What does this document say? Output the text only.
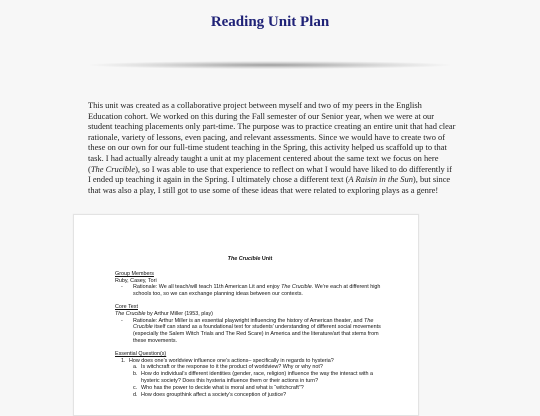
Reading Unit Plan

This unit was created as a collaborative project between myself and two of my peers in the English Education cohort. We worked on this during the Fall semester of our Senior year, when we were at our student teaching placements only part-time. The purpose was to practice creating an entire unit that had clear rationale, variety of lessons, even pacing, and relevant assessments. Since we would have to create two of these on our own for our full-time student teaching in the Spring, this activity helped us scaffold up to that task. I had actually already taught a unit at my placement centered about the same text we focus on here (The Crucible), so I was able to use that experience to reflect on what I would have liked to do differently if I ended up teaching it again in the Spring. I ultimately chose a different text (A Raisin in the Sun), but since that was also a play, I still got to use some of these ideas that were related to exploring plays as a genre!

The Crucible Unit
Group Members
Ruby, Casey, Tori
- Rationale: We all teach/will teach 11th American Lit and enjoy The Crucible. We’re each at different high schools too, so we can exchange planning ideas between our contexts.
Core Text
The Crucible by Arthur Miller (1953, play)
- Rationale: Arthur Miller is an essential playwright influencing the history of American theater, and The Crucible itself can stand as a foundational text for students’ understanding of different social movements (especially the Salem Witch Trials and The Red Scare) in America and the literature/art that stems from these movements.
Essential Question(s)
1. How does one’s worldview influence one’s actions– specifically in regards to hysteria?
a. Is witchcraft or the response to it the product of worldview? Why or why not?
b. How do individual’s different identities (gender, race, religion) influence the way the interact with a hysteric society? Does this hysteria influence them or their actions in turn?
c. Who has the power to decide what is moral and what is “witchcraft”?
d. How does groupthink affect a society’s conception of justice?
